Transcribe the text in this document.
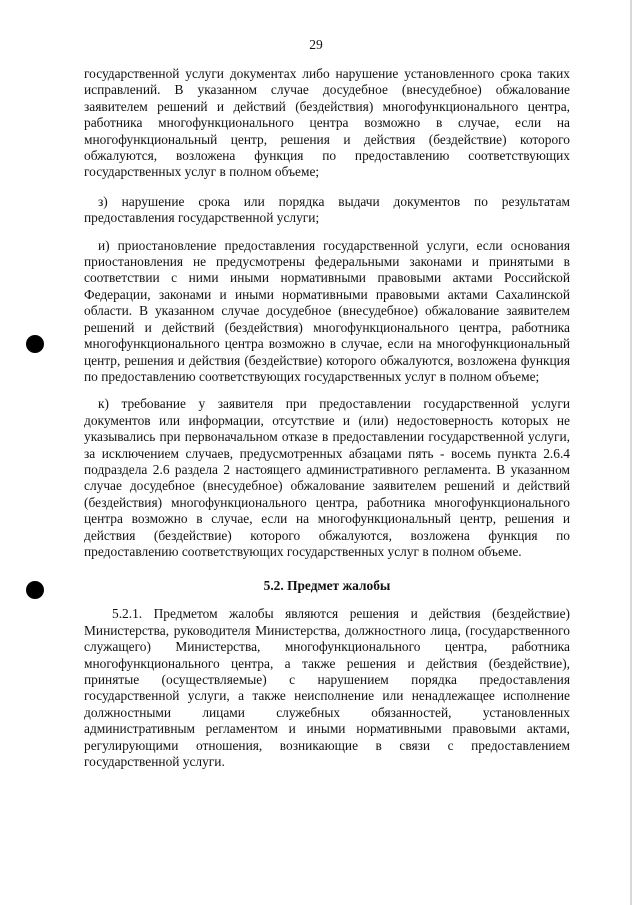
29

государственной услуги документах либо нарушение установленного срока таких исправлений. В указанном случае досудебное (внесудебное) обжалование заявителем решений и действий (бездействия) многофункционального центра, работника многофункционального центра возможно в случае, если на многофункциональный центр, решения и действия (бездействие) которого обжалуются, возложена функция по предоставлению соответствующих государственных услуг в полном объеме;

з) нарушение срока или порядка выдачи документов по результатам предоставления государственной услуги;

и) приостановление предоставления государственной услуги, если основания приостановления не предусмотрены федеральными законами и принятыми в соответствии с ними иными нормативными правовыми актами Российской Федерации, законами и иными нормативными правовыми актами Сахалинской области. В указанном случае досудебное (внесудебное) обжалование заявителем решений и действий (бездействия) многофункционального центра, работника многофункционального центра возможно в случае, если на многофункциональный центр, решения и действия (бездействие) которого обжалуются, возложена функция по предоставлению соответствующих государственных услуг в полном объеме;

к) требование у заявителя при предоставлении государственной услуги документов или информации, отсутствие и (или) недостоверность которых не указывались при первоначальном отказе в предоставлении государственной услуги, за исключением случаев, предусмотренных абзацами пять - восемь пункта 2.6.4 подраздела 2.6 раздела 2 настоящего административного регламента. В указанном случае досудебное (внесудебное) обжалование заявителем решений и действий (бездействия) многофункционального центра, работника многофункционального центра возможно в случае, если на многофункциональный центр, решения и действия (бездействие) которого обжалуются, возложена функция по предоставлению соответствующих государственных услуг в полном объеме.

5.2. Предмет жалобы

5.2.1. Предметом жалобы являются решения и действия (бездействие) Министерства, руководителя Министерства, должностного лица, (государственного служащего) Министерства, многофункционального центра, работника многофункционального центра, а также решения и действия (бездействие), принятые (осуществляемые) с нарушением порядка предоставления государственной услуги, а также неисполнение или ненадлежащее исполнение должностными лицами служебных обязанностей, установленных административным регламентом и иными нормативными правовыми актами, регулирующими отношения, возникающие в связи с предоставлением государственной услуги.
